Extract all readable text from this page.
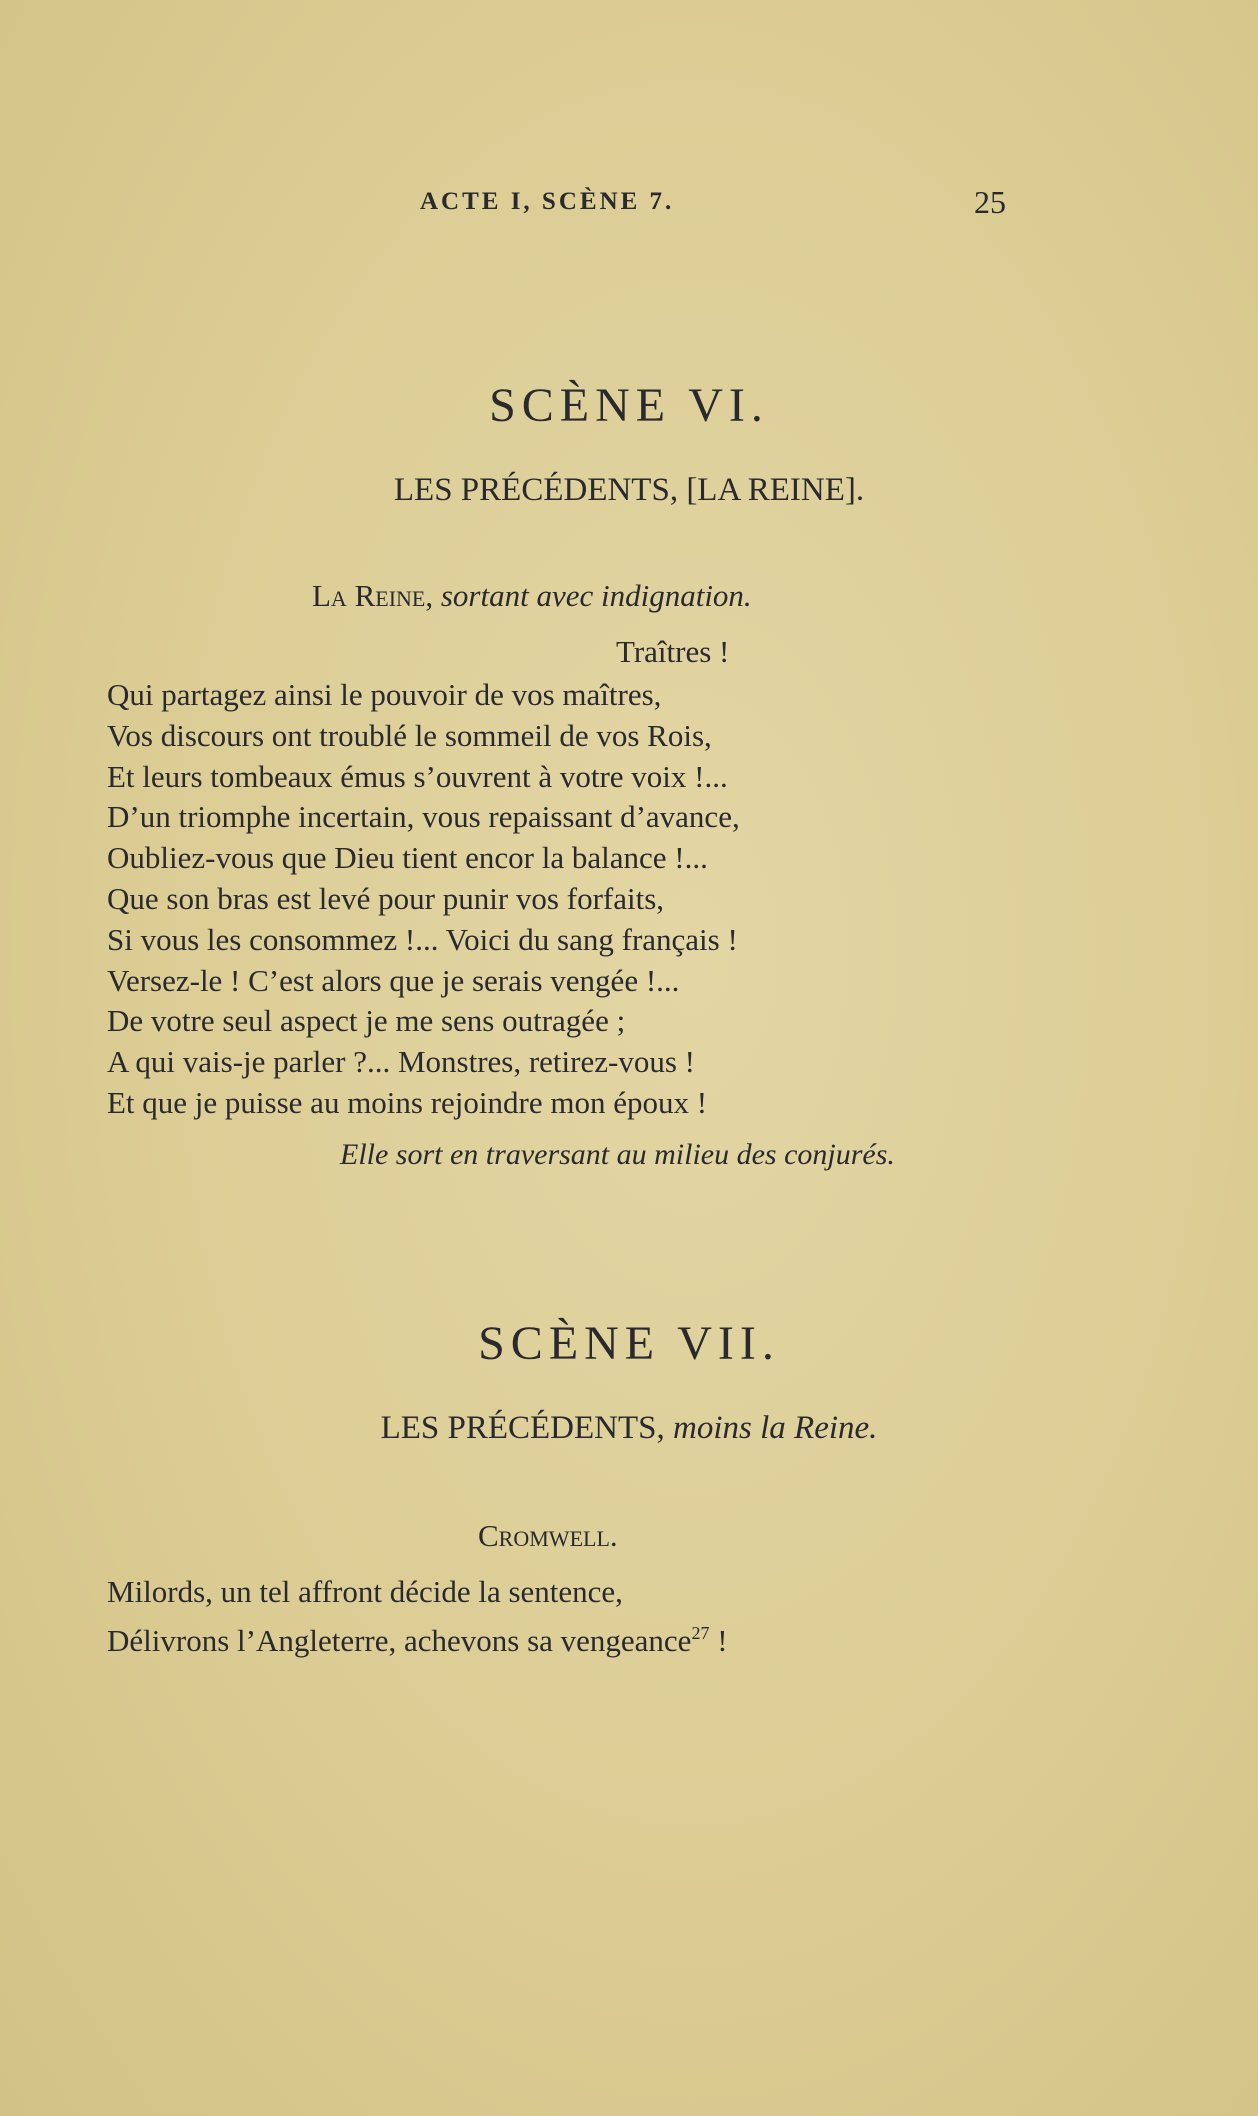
ACTE I, SCÈNE 7.	25
SCÈNE VI.
LES PRÉCÉDENTS, [LA REINE].
La Reine, sortant avec indignation.
Traîtres !
Qui partagez ainsi le pouvoir de vos maîtres,
Vos discours ont troublé le sommeil de vos Rois,
Et leurs tombeaux émus s’ouvrent à votre voix !...
D’un triomphe incertain, vous repaissant d’avance,
Oubliez-vous que Dieu tient encor la balance !...
Que son bras est levé pour punir vos forfaits,
Si vous les consommez !... Voici du sang français !
Versez-le ! C’est alors que je serais vengée !...
De votre seul aspect je me sens outragée ;
A qui vais-je parler ?... Monstres, retirez-vous !
Et que je puisse au moins rejoindre mon époux !
Elle sort en traversant au milieu des conjurés.
SCÈNE VII.
LES PRÉCÉDENTS, moins la Reine.
Cromwell.
Milords, un tel affront décide la sentence,
Délivrons l’Angleterre, achevons sa vengeance$^{27}$ !
